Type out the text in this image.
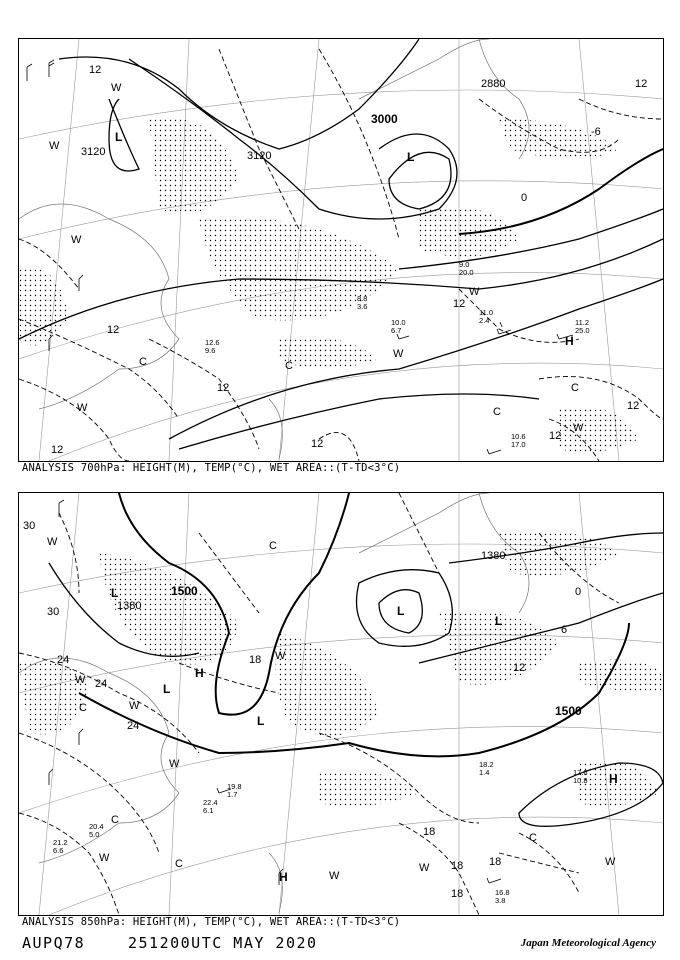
3000
3120	3120
2880
12
12
12
12	12
12
12
-6
0
12
12
L
L
H
W
W
W
W
W
W
C	C
C
C
W
11.2
25.0
10.6
17.0
11.0
2.4
10.0
6.7
8.8
3.6
12.6
9.6
9.0
20.0
ANALYSIS 700hPa: HEIGHT(M), TEMP(°C), WET AREA::(T-TD<3°C)
1500
1380
1380
1500
30
30
24
24
24
18
12
6
0
18
18 18
18
L
L
H
L
L
L
H
H
W
W
W
W
W
W	W
C
C
C
C
C
W
W
17.6
10.8
16.8
3.8
18.2
1.4
22.4
6.1
19.8
1.7
20.4
5.0
21.2
6.6
ANALYSIS 850hPa: HEIGHT(M), TEMP(°C), WET AREA::(T-TD<3°C)
AUPQ78	251200UTC MAY 2020	Japan Meteorological Agency
